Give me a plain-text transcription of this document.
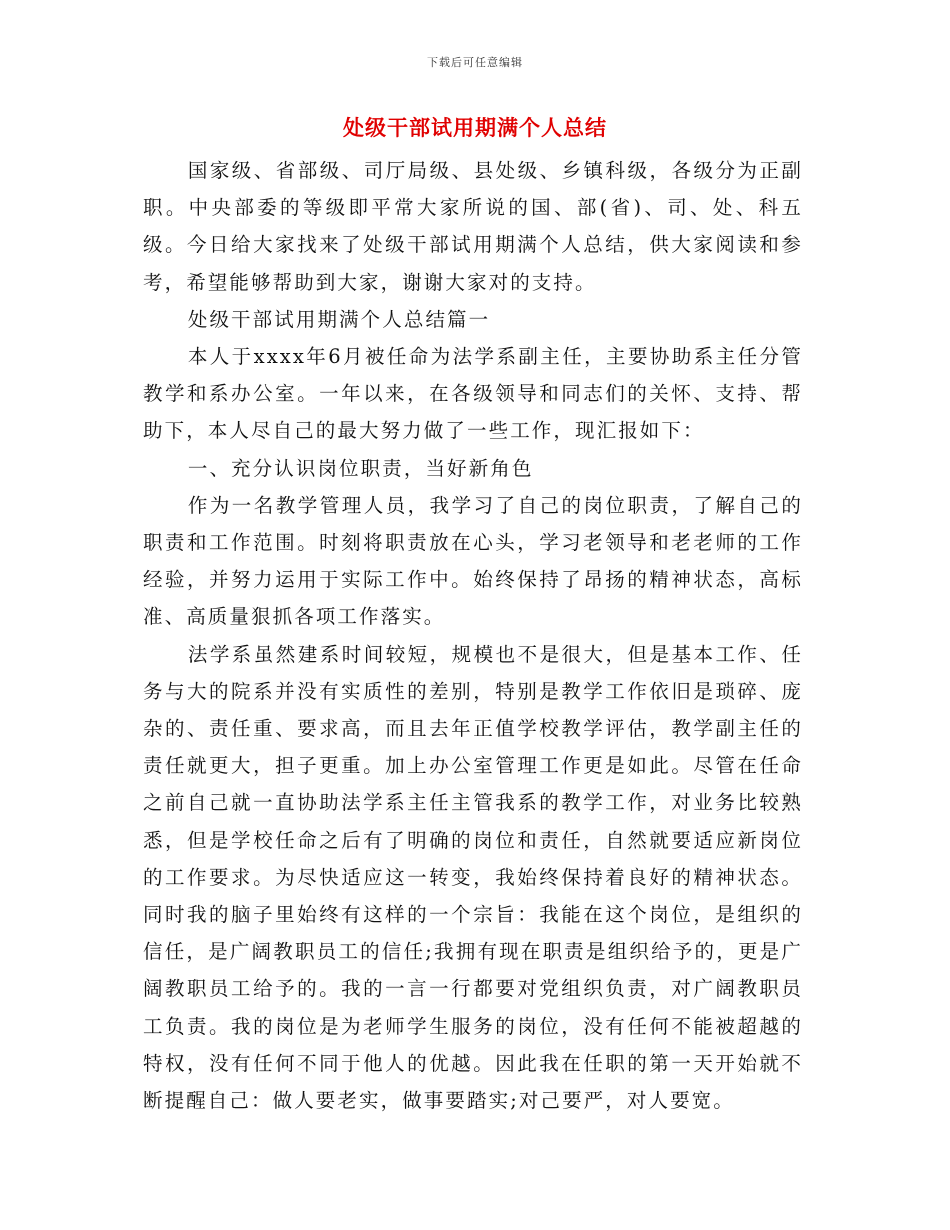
下载后可任意编辑
处级干部试用期满个人总结

国家级、省部级、司厅局级、县处级、乡镇科级，各级分为正副职。中央部委的等级即平常大家所说的国、部(省)、司、处、科五级。今日给大家找来了处级干部试用期满个人总结，供大家阅读和参考，希望能够帮助到大家，谢谢大家对的支持。

处级干部试用期满个人总结篇一

本人于xxxx年6月被任命为法学系副主任，主要协助系主任分管教学和系办公室。一年以来，在各级领导和同志们的关怀、支持、帮助下，本人尽自己的最大努力做了一些工作，现汇报如下：

一、充分认识岗位职责，当好新角色

作为一名教学管理人员，我学习了自己的岗位职责，了解自己的职责和工作范围。时刻将职责放在心头，学习老领导和老老师的工作经验，并努力运用于实际工作中。始终保持了昂扬的精神状态，高标准、高质量狠抓各项工作落实。

法学系虽然建系时间较短，规模也不是很大，但是基本工作、任务与大的院系并没有实质性的差别，特别是教学工作依旧是琐碎、庞杂的、责任重、要求高，而且去年正值学校教学评估，教学副主任的责任就更大，担子更重。加上办公室管理工作更是如此。尽管在任命之前自己就一直协助法学系主任主管我系的教学工作，对业务比较熟悉，但是学校任命之后有了明确的岗位和责任，自然就要适应新岗位的工作要求。为尽快适应这一转变，我始终保持着良好的精神状态。同时我的脑子里始终有这样的一个宗旨：我能在这个岗位，是组织的信任，是广阔教职员工的信任;我拥有现在职责是组织给予的，更是广阔教职员工给予的。我的一言一行都要对党组织负责，对广阔教职员工负责。我的岗位是为老师学生服务的岗位，没有任何不能被超越的特权，没有任何不同于他人的优越。因此我在任职的第一天开始就不断提醒自己：做人要老实，做事要踏实;对己要严，对人要宽。
